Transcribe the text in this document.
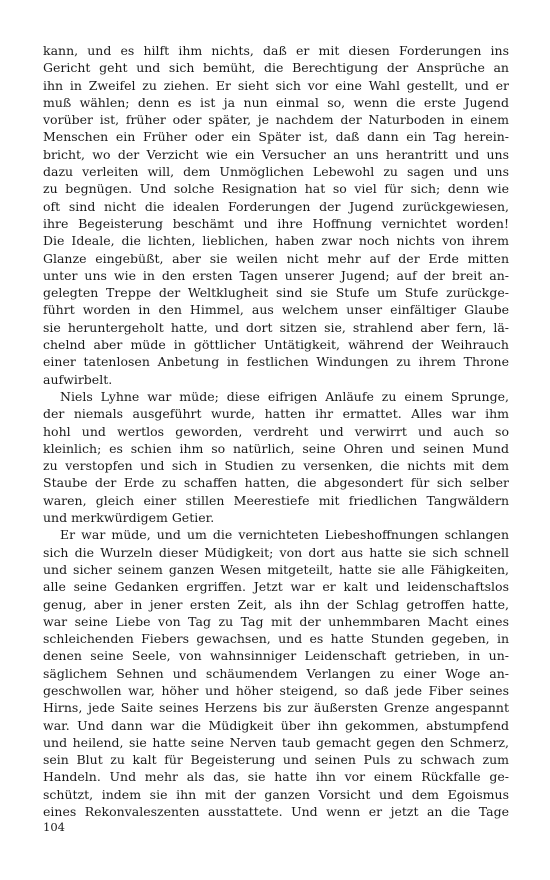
kann, und es hilft ihm nichts, daß er mit diesen Forderungen ins
Gericht geht und sich bemüht, die Berechtigung der Ansprüche an
ihn in Zweifel zu ziehen. Er sieht sich vor eine Wahl gestellt, und er
muß wählen; denn es ist ja nun einmal so, wenn die erste Jugend
vorüber ist, früher oder später, je nachdem der Naturboden in einem
Menschen ein Früher oder ein Später ist, daß dann ein Tag herein-
bricht, wo der Verzicht wie ein Versucher an uns herantritt und uns
dazu verleiten will, dem Unmöglichen Lebewohl zu sagen und uns
zu begnügen. Und solche Resignation hat so viel für sich; denn wie
oft sind nicht die idealen Forderungen der Jugend zurückgewiesen,
ihre Begeisterung beschämt und ihre Hoffnung vernichtet worden!
Die Ideale, die lichten, lieblichen, haben zwar noch nichts von ihrem
Glanze eingebüßt, aber sie weilen nicht mehr auf der Erde mitten
unter uns wie in den ersten Tagen unserer Jugend; auf der breit an-
gelegten Treppe der Weltklugheit sind sie Stufe um Stufe zurückge-
führt worden in den Himmel, aus welchem unser einfältiger Glaube
sie heruntergeholt hatte, und dort sitzen sie, strahlend aber fern, lä-
chelnd aber müde in göttlicher Untätigkeit, während der Weihrauch
einer tatenlosen Anbetung in festlichen Windungen zu ihrem Throne
aufwirbelt.
Niels Lyhne war müde; diese eifrigen Anläufe zu einem Sprunge,
der niemals ausgeführt wurde, hatten ihr ermattet. Alles war ihm
hohl und wertlos geworden, verdreht und verwirrt und auch so
kleinlich; es schien ihm so natürlich, seine Ohren und seinen Mund
zu verstopfen und sich in Studien zu versenken, die nichts mit dem
Staube der Erde zu schaffen hatten, die abgesondert für sich selber
waren, gleich einer stillen Meerestiefe mit friedlichen Tangwäldern
und merkwürdigem Getier.
Er war müde, und um die vernichteten Liebeshoffnungen schlangen
sich die Wurzeln dieser Müdigkeit; von dort aus hatte sie sich schnell
und sicher seinem ganzen Wesen mitgeteilt, hatte sie alle Fähigkeiten,
alle seine Gedanken ergriffen. Jetzt war er kalt und leidenschaftslos
genug, aber in jener ersten Zeit, als ihn der Schlag getroffen hatte,
war seine Liebe von Tag zu Tag mit der unhemmbaren Macht eines
schleichenden Fiebers gewachsen, und es hatte Stunden gegeben, in
denen seine Seele, von wahnsinniger Leidenschaft getrieben, in un-
säglichem Sehnen und schäumendem Verlangen zu einer Woge an-
geschwollen war, höher und höher steigend, so daß jede Fiber seines
Hirns, jede Saite seines Herzens bis zur äußersten Grenze angespannt
war. Und dann war die Müdigkeit über ihn gekommen, abstumpfend
und heilend, sie hatte seine Nerven taub gemacht gegen den Schmerz,
sein Blut zu kalt für Begeisterung und seinen Puls zu schwach zum
Handeln. Und mehr als das, sie hatte ihn vor einem Rückfalle ge-
schützt, indem sie ihn mit der ganzen Vorsicht und dem Egoismus
eines Rekonvaleszenten ausstattete. Und wenn er jetzt an die Tage
104
